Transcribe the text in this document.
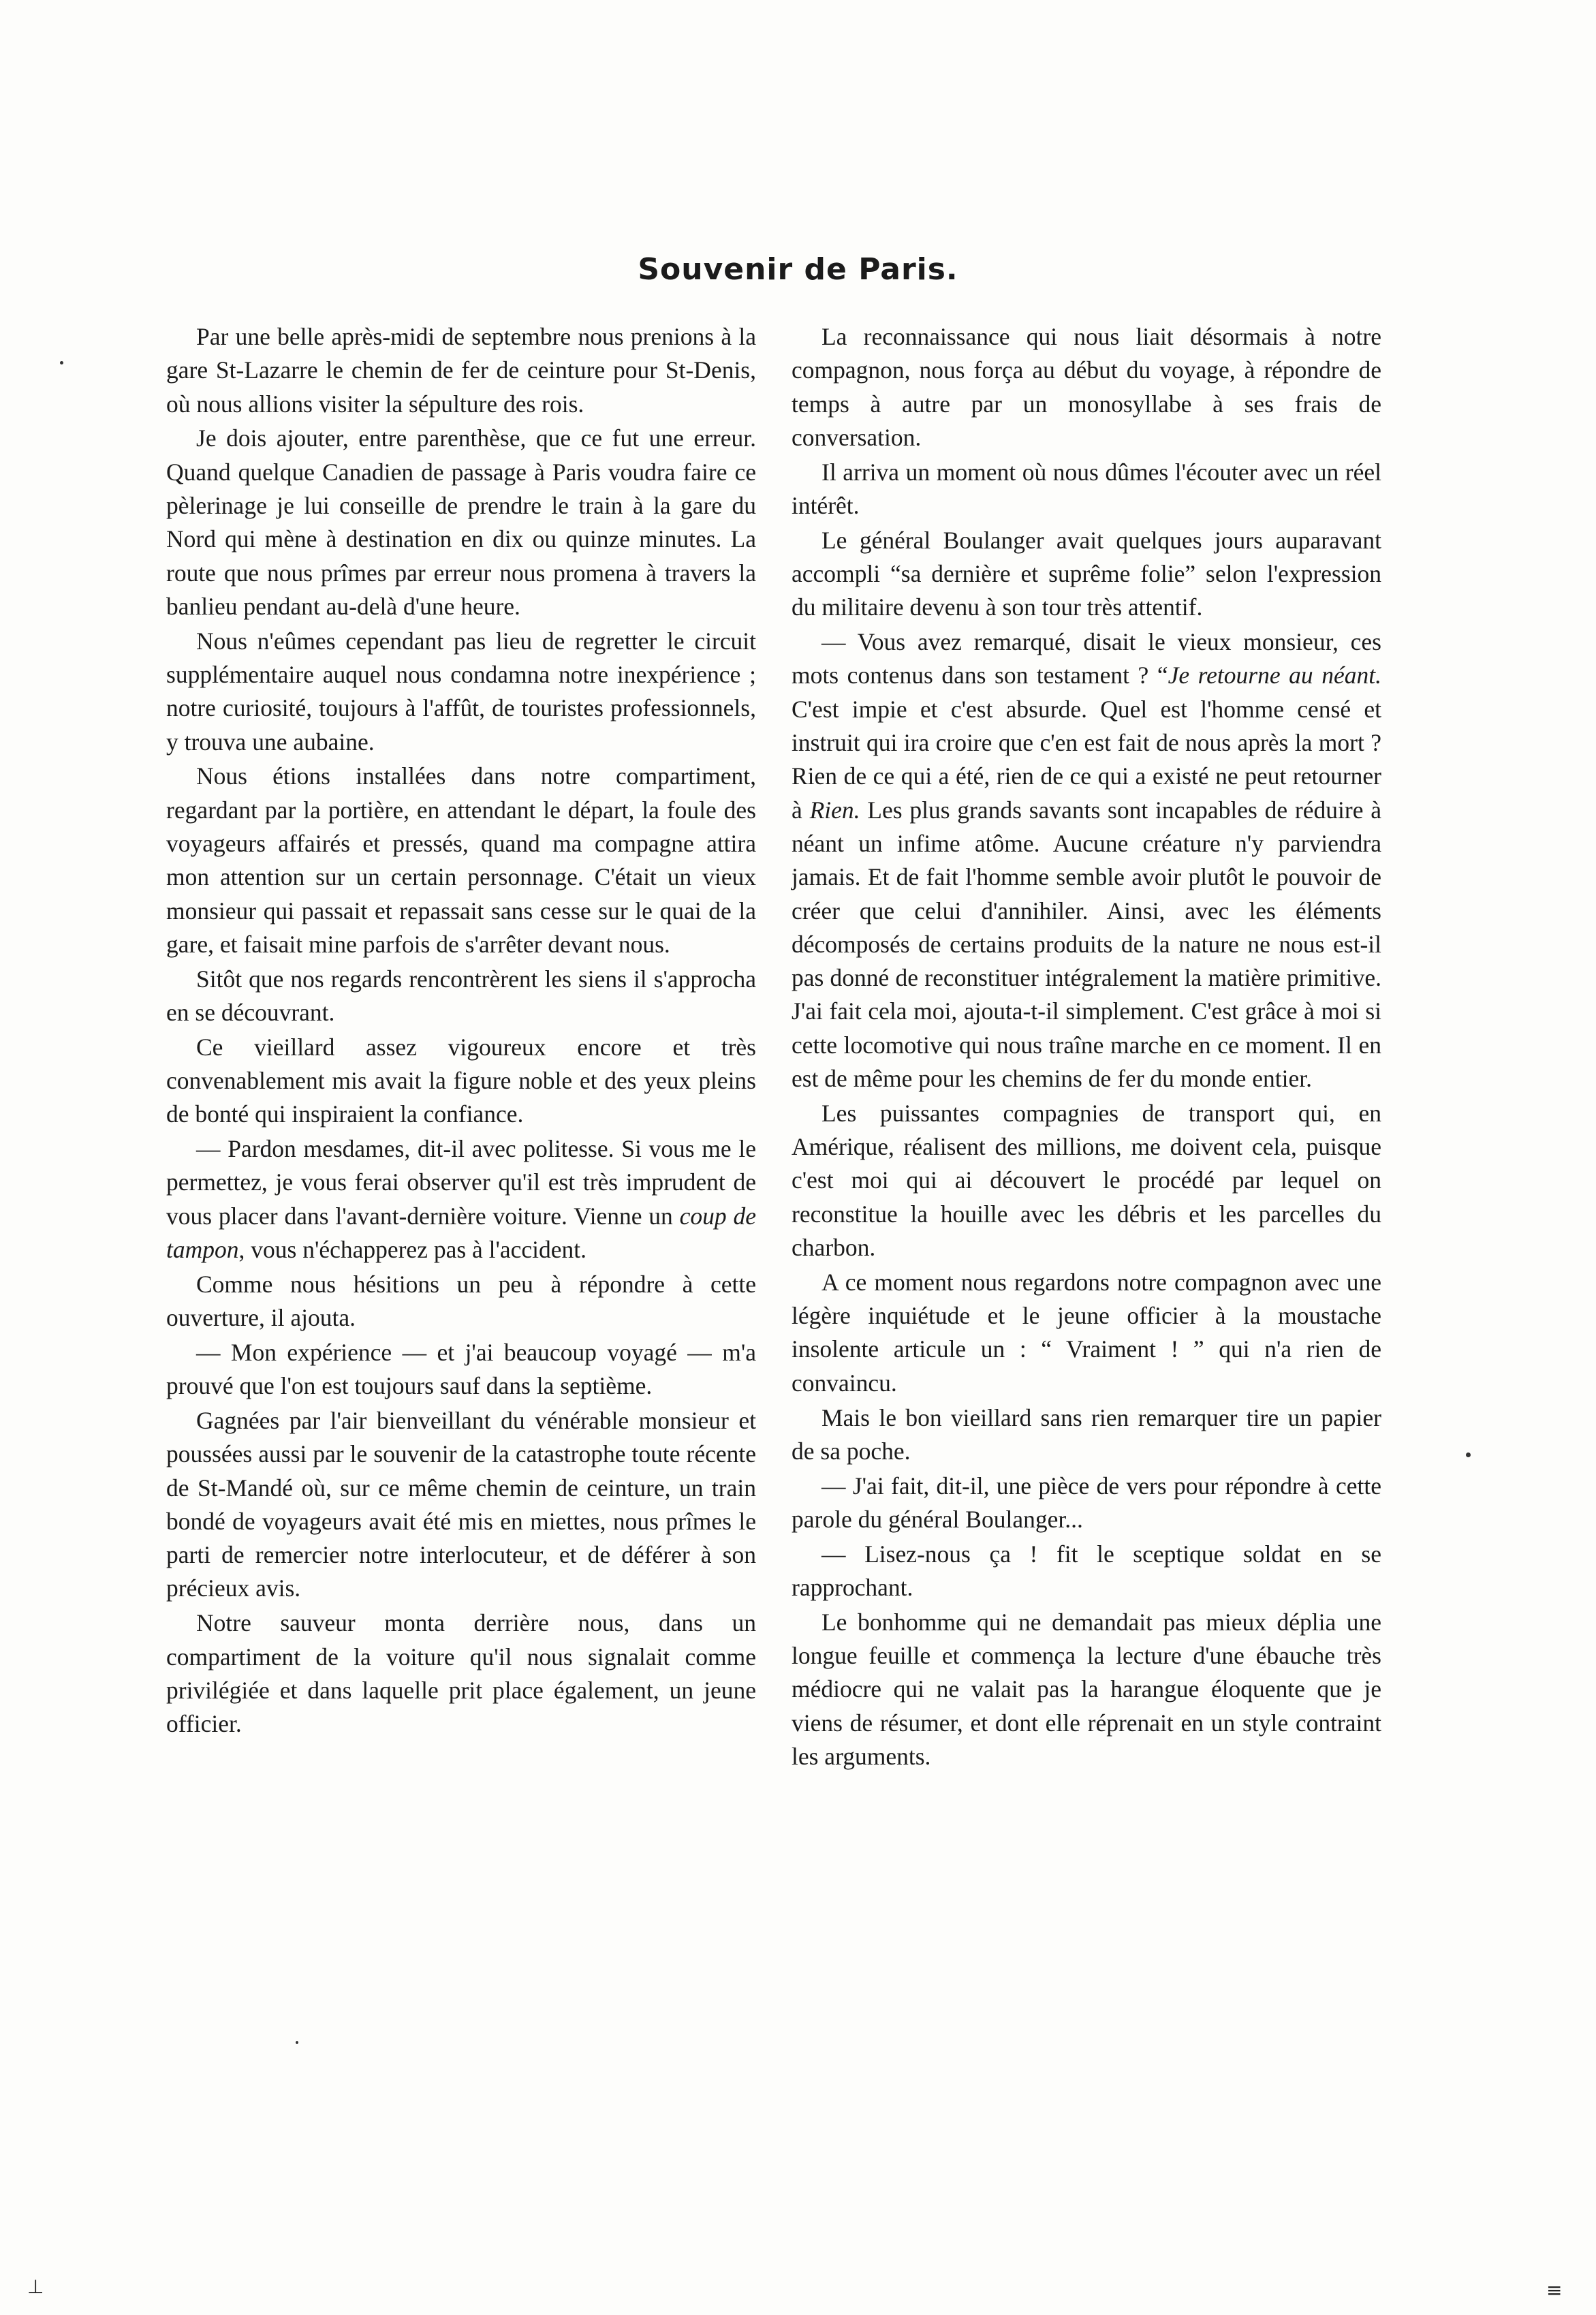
Souvenir de Paris.

Par une belle après-midi de septembre nous prenions à la gare St-Lazarre le chemin de fer de ceinture pour St-Denis, où nous allions visiter la sépulture des rois.

Je dois ajouter, entre parenthèse, que ce fut une erreur. Quand quelque Canadien de passage à Paris voudra faire ce pèlerinage je lui conseille de prendre le train à la gare du Nord qui mène à destination en dix ou quinze minutes. La route que nous prîmes par erreur nous promena à travers la banlieu pendant au-delà d'une heure.

Nous n'eûmes cependant pas lieu de regretter le circuit supplémentaire auquel nous condamna notre inexpérience ; notre curiosité, toujours à l'affût, de touristes professionnels, y trouva une aubaine.

Nous étions installées dans notre compartiment, regardant par la portière, en attendant le départ, la foule des voyageurs affairés et pressés, quand ma compagne attira mon attention sur un certain personnage. C'était un vieux monsieur qui passait et repassait sans cesse sur le quai de la gare, et faisait mine parfois de s'arrêter devant nous.

Sitôt que nos regards rencontrèrent les siens il s'approcha en se découvrant.

Ce vieillard assez vigoureux encore et très convenablement mis avait la figure noble et des yeux pleins de bonté qui inspiraient la confiance.

— Pardon mesdames, dit-il avec politesse. Si vous me le permettez, je vous ferai observer qu'il est très imprudent de vous placer dans l'avant-dernière voiture. Vienne un coup de tampon, vous n'échapperez pas à l'accident.

Comme nous hésitions un peu à répondre à cette ouverture, il ajouta.

— Mon expérience — et j'ai beaucoup voyagé — m'a prouvé que l'on est toujours sauf dans la septième.

Gagnées par l'air bienveillant du vénérable monsieur et poussées aussi par le souvenir de la catastrophe toute récente de St-Mandé où, sur ce même chemin de ceinture, un train bondé de voyageurs avait été mis en miettes, nous prîmes le parti de remercier notre interlocuteur, et de déférer à son précieux avis.

Notre sauveur monta derrière nous, dans un compartiment de la voiture qu'il nous signalait comme privilégiée et dans laquelle prit place également, un jeune officier.

La reconnaissance qui nous liait désormais à notre compagnon, nous força au début du voyage, à répondre de temps à autre par un monosyllabe à ses frais de conversation.

Il arriva un moment où nous dûmes l'écouter avec un réel intérêt.

Le général Boulanger avait quelques jours auparavant accompli “sa dernière et suprême folie” selon l'expression du militaire devenu à son tour très attentif.

— Vous avez remarqué, disait le vieux monsieur, ces mots contenus dans son testament ? “Je retourne au néant. C'est impie et c'est absurde. Quel est l'homme censé et instruit qui ira croire que c'en est fait de nous après la mort ? Rien de ce qui a été, rien de ce qui a existé ne peut retourner à Rien. Les plus grands savants sont incapables de réduire à néant un infime atôme. Aucune créature n'y parviendra jamais. Et de fait l'homme semble avoir plutôt le pouvoir de créer que celui d'annihiler. Ainsi, avec les éléments décomposés de certains produits de la nature ne nous est-il pas donné de reconstituer intégralement la matière primitive. J'ai fait cela moi, ajouta-t-il simplement. C'est grâce à moi si cette locomotive qui nous traîne marche en ce moment. Il en est de même pour les chemins de fer du monde entier.

Les puissantes compagnies de transport qui, en Amérique, réalisent des millions, me doivent cela, puisque c'est moi qui ai découvert le procédé par lequel on reconstitue la houille avec les débris et les parcelles du charbon.

A ce moment nous regardons notre compagnon avec une légère inquiétude et le jeune officier à la moustache insolente articule un : “ Vraiment ! ” qui n'a rien de convaincu.

Mais le bon vieillard sans rien remarquer tire un papier de sa poche.

— J'ai fait, dit-il, une pièce de vers pour répondre à cette parole du général Boulanger...

— Lisez-nous ça ! fit le sceptique soldat en se rapprochant.

Le bonhomme qui ne demandait pas mieux déplia une longue feuille et commença la lecture d'une ébauche très médiocre qui ne valait pas la harangue éloquente que je viens de résumer, et dont elle réprenait en un style contraint les arguments.

⊥	≡
